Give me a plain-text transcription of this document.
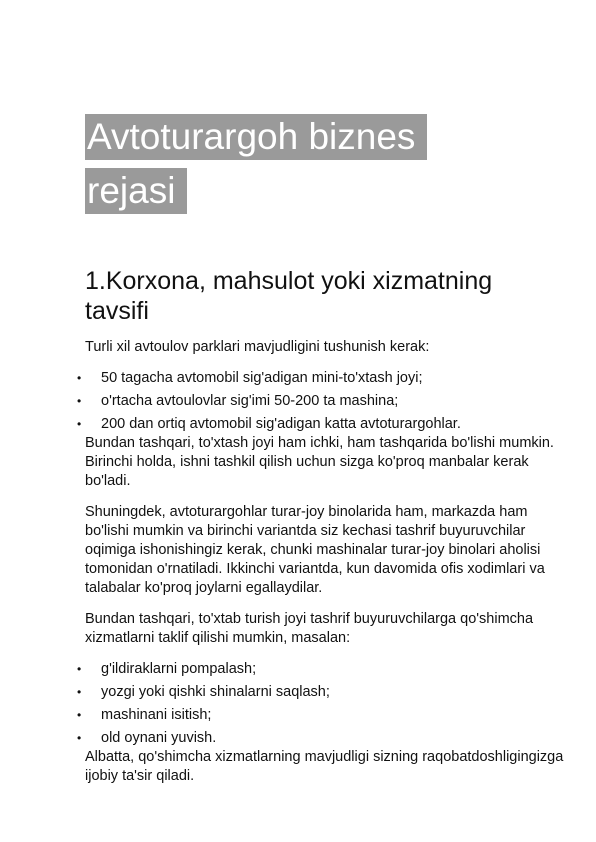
Avtoturargoh biznes
rejasi
1.Korxona, mahsulot yoki xizmatning
tavsifi

Turli xil avtoulov parklari mavjudligini tushunish kerak:

• 50 tagacha avtomobil sig'adigan mini-to'xtash joyi;
• o'rtacha avtoulovlar sig'imi 50-200 ta mashina;
• 200 dan ortiq avtomobil sig'adigan katta avtoturargohlar.

Bundan tashqari, to'xtash joyi ham ichki, ham tashqarida bo'lishi mumkin. Birinchi holda, ishni tashkil qilish uchun sizga ko'proq manbalar kerak bo'ladi.

Shuningdek, avtoturargohlar turar-joy binolarida ham, markazda ham bo'lishi mumkin va birinchi variantda siz kechasi tashrif buyuruvchilar oqimiga ishonishingiz kerak, chunki mashinalar turar-joy binolari aholisi tomonidan o'rnatiladi. Ikkinchi variantda, kun davomida ofis xodimlari va talabalar ko'proq joylarni egallaydilar.

Bundan tashqari, to'xtab turish joyi tashrif buyuruvchilarga qo'shimcha xizmatlarni taklif qilishi mumkin, masalan:

• g'ildiraklarni pompalash;
• yozgi yoki qishki shinalarni saqlash;
• mashinani isitish;
• old oynani yuvish.

Albatta, qo'shimcha xizmatlarning mavjudligi sizning raqobatdoshligingizga ijobiy ta'sir qiladi.
